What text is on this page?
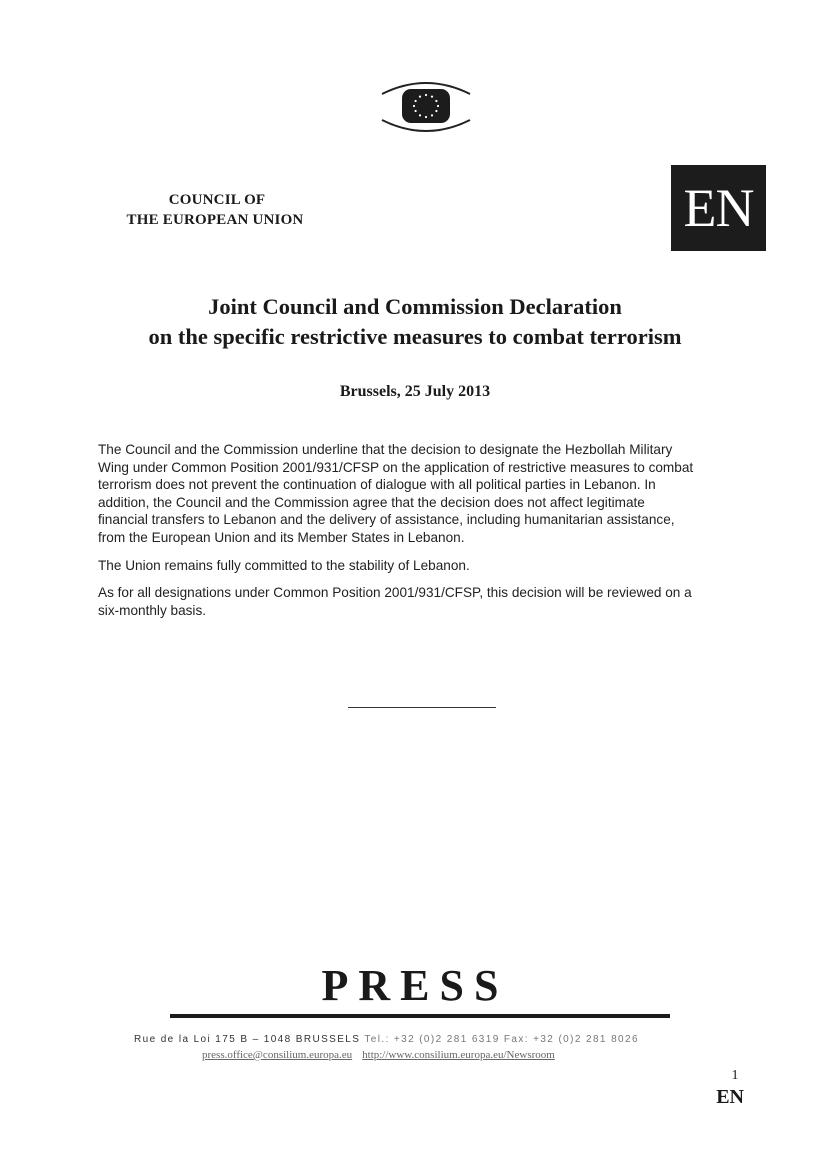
COUNCIL OF
THE EUROPEAN UNION	EN
Joint Council and Commission Declaration
on the specific restrictive measures to combat terrorism
Brussels, 25 July 2013

The Council and the Commission underline that the decision to designate the Hezbollah Military
Wing under Common Position 2001/931/CFSP on the application of restrictive measures to combat
terrorism does not prevent the continuation of dialogue with all political parties in Lebanon. In
addition, the Council and the Commission agree that the decision does not affect legitimate
financial transfers to Lebanon and the delivery of assistance, including humanitarian assistance,
from the European Union and its Member States in Lebanon.

The Union remains fully committed to the stability of Lebanon.

As for all designations under Common Position 2001/931/CFSP, this decision will be reviewed on a
six-monthly basis.

PRESS
Rue de la Loi 175 B – 1048 BRUSSELS Tel.: +32 (0)2 281 6319 Fax: +32 (0)2 281 8026
press.office@consilium.europa.eu http://www.consilium.europa.eu/Newsroom
1
EN
